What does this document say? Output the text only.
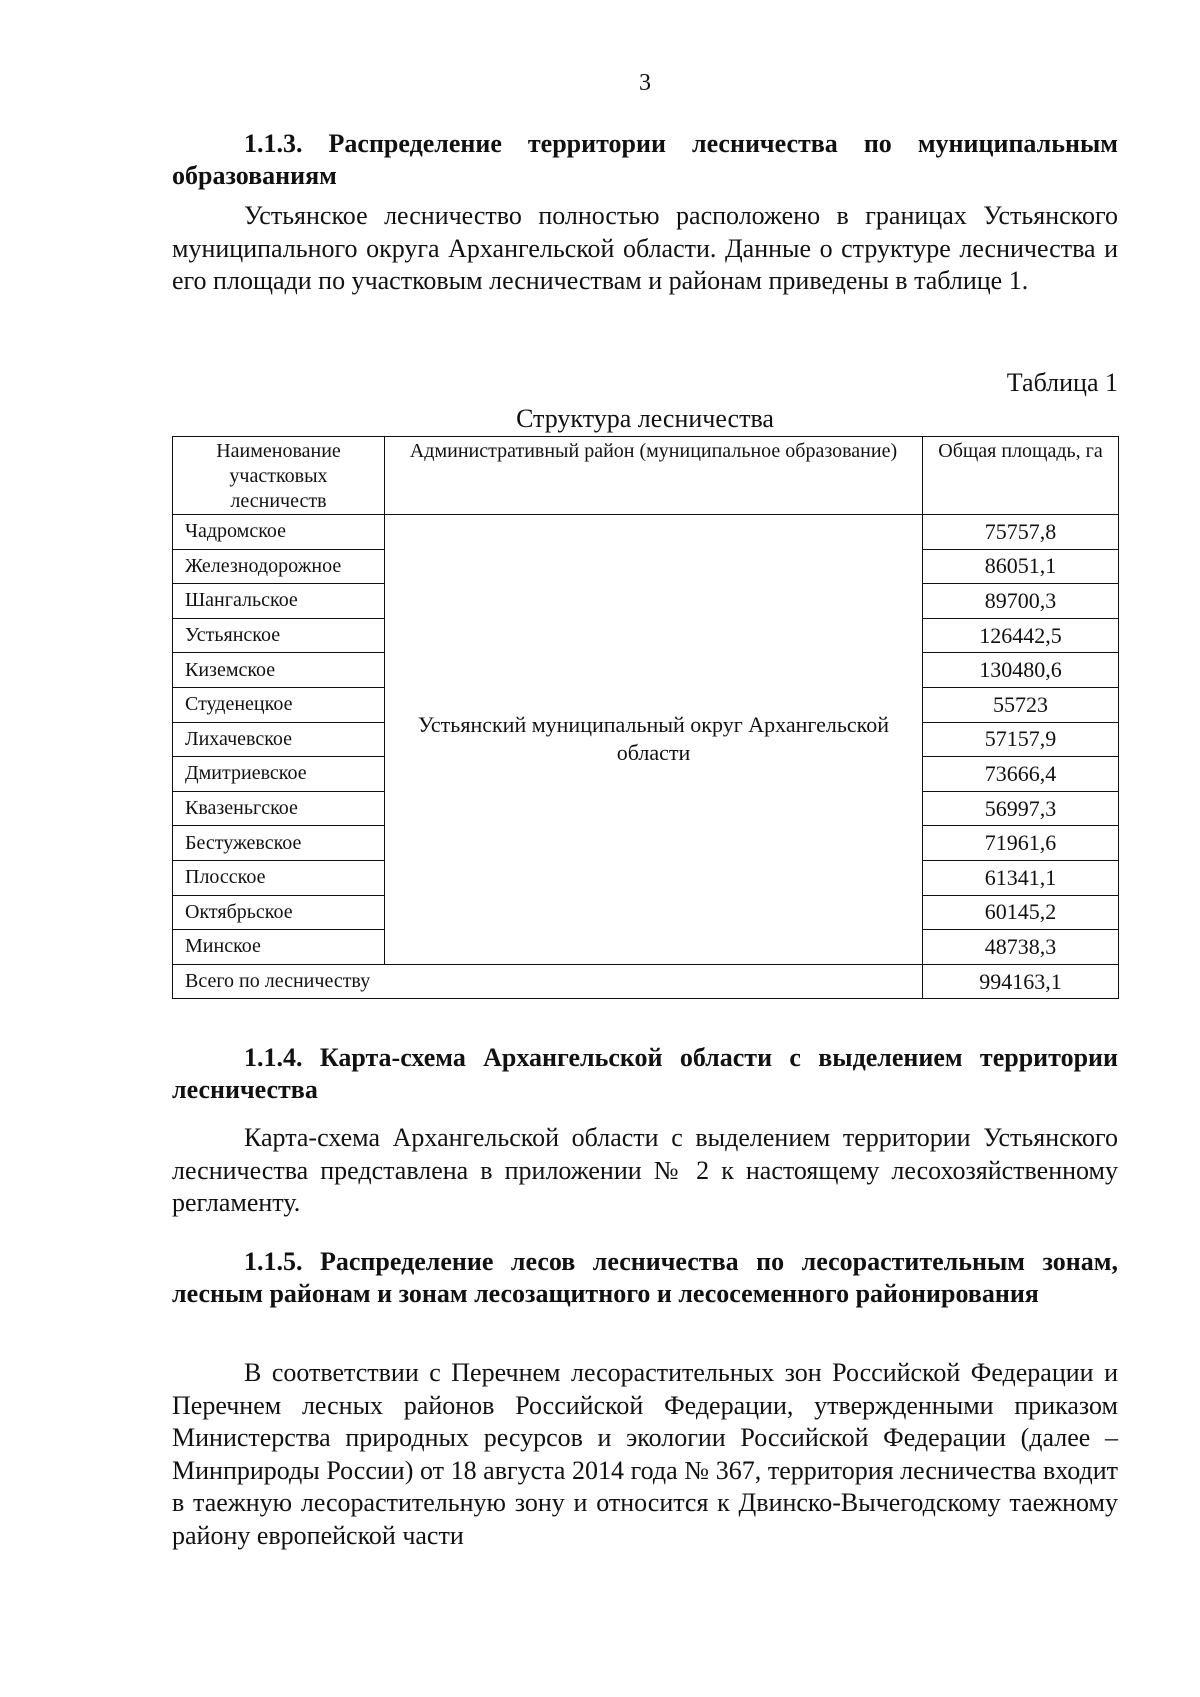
3
1.1.3. Распределение территории лесничества по муниципальным образованиям
Устьянское лесничество полностью расположено в границах Устьянского муниципального округа Архангельской области. Данные о структуре лесничества и его площади по участковым лесничествам и районам приведены в таблице 1.
Таблица 1
Структура лесничества
Наименование участковых лесничеств	Административный район (муниципальное образование)	Общая площадь, га
Чадромское	Устьянский муниципальный округ Архангельской области	75757,8
Железнодорожное		86051,1
Шангальское		89700,3
Устьянское		126442,5
Киземское		130480,6
Студенецкое		55723
Лихачевское		57157,9
Дмитриевское		73666,4
Квазеньгское		56997,3
Бестужевское		71961,6
Плосское		61341,1
Октябрьское		60145,2
Минское		48738,3
Всего по лесничеству		994163,1
1.1.4. Карта-схема Архангельской области с выделением территории лесничества
Карта-схема Архангельской области с выделением территории Устьянского лесничества представлена в приложении № 2 к настоящему лесохозяйственному регламенту.
1.1.5. Распределение лесов лесничества по лесорастительным зонам, лесным районам и зонам лесозащитного и лесосеменного районирования
В соответствии с Перечнем лесорастительных зон Российской Федерации и Перечнем лесных районов Российской Федерации, утвержденными приказом Министерства природных ресурсов и экологии Российской Федерации (далее – Минприроды России) от 18 августа 2014 года № 367, территория лесничества входит в таежную лесорастительную зону и относится к Двинско-Вычегодскому таежному району европейской части
